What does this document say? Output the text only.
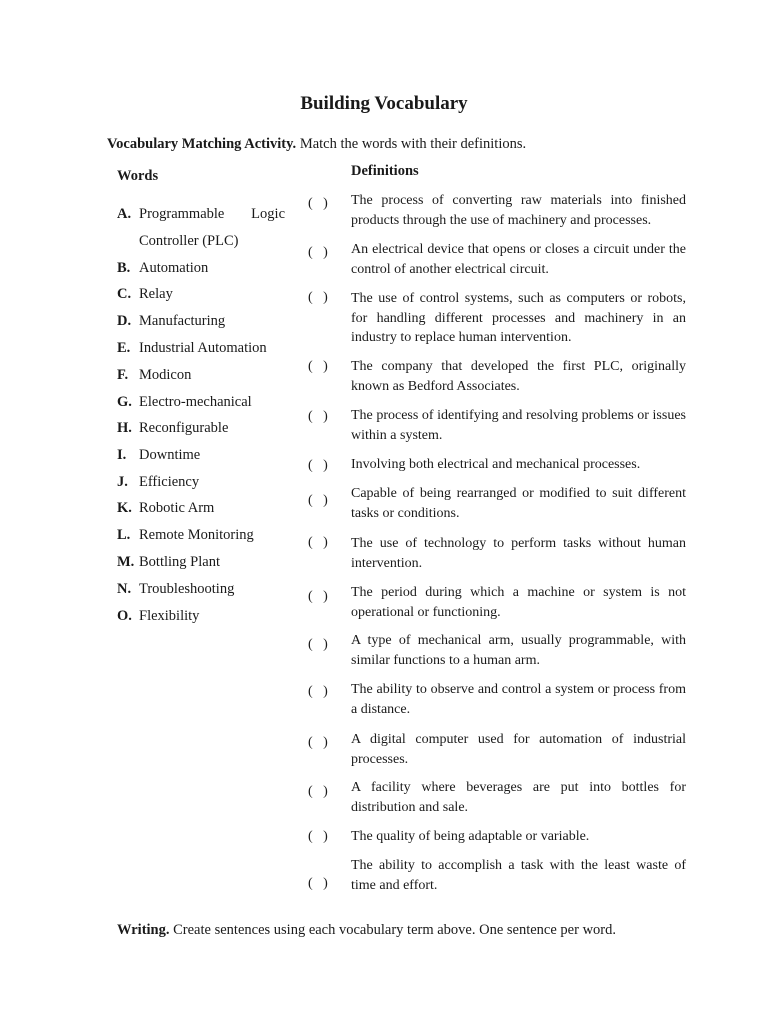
Building Vocabulary

Vocabulary Matching Activity. Match the words with their definitions.

Words	Definitions
A. Programmable Logic Controller (PLC)
B. Automation
C. Relay
D. Manufacturing
E. Industrial Automation
F. Modicon
G. Electro-mechanical
H. Reconfigurable
I. Downtime
J. Efficiency
K. Robotic Arm
L. Remote Monitoring
M. Bottling Plant
N. Troubleshooting
O. Flexibility
(   )
(   )
(   )
(   )
(   )
(   )
(   )
(   )
(   )
(   )
(   )
(   )
(   )
(   )
(   )
The process of converting raw materials into finished products through the use of machinery and processes.
An electrical device that opens or closes a circuit under the control of another electrical circuit.
The use of control systems, such as computers or robots, for handling different processes and machinery in an industry to replace human intervention.
The company that developed the first PLC, originally known as Bedford Associates.
The process of identifying and resolving problems or issues within a system.
Involving both electrical and mechanical processes.
Capable of being rearranged or modified to suit different tasks or conditions.
The use of technology to perform tasks without human intervention.
The period during which a machine or system is not operational or functioning.
A type of mechanical arm, usually programmable, with similar functions to a human arm.
The ability to observe and control a system or process from a distance.
A digital computer used for automation of industrial processes.
A facility where beverages are put into bottles for distribution and sale.
The quality of being adaptable or variable.
The ability to accomplish a task with the least waste of time and effort.

Writing. Create sentences using each vocabulary term above. One sentence per word.
